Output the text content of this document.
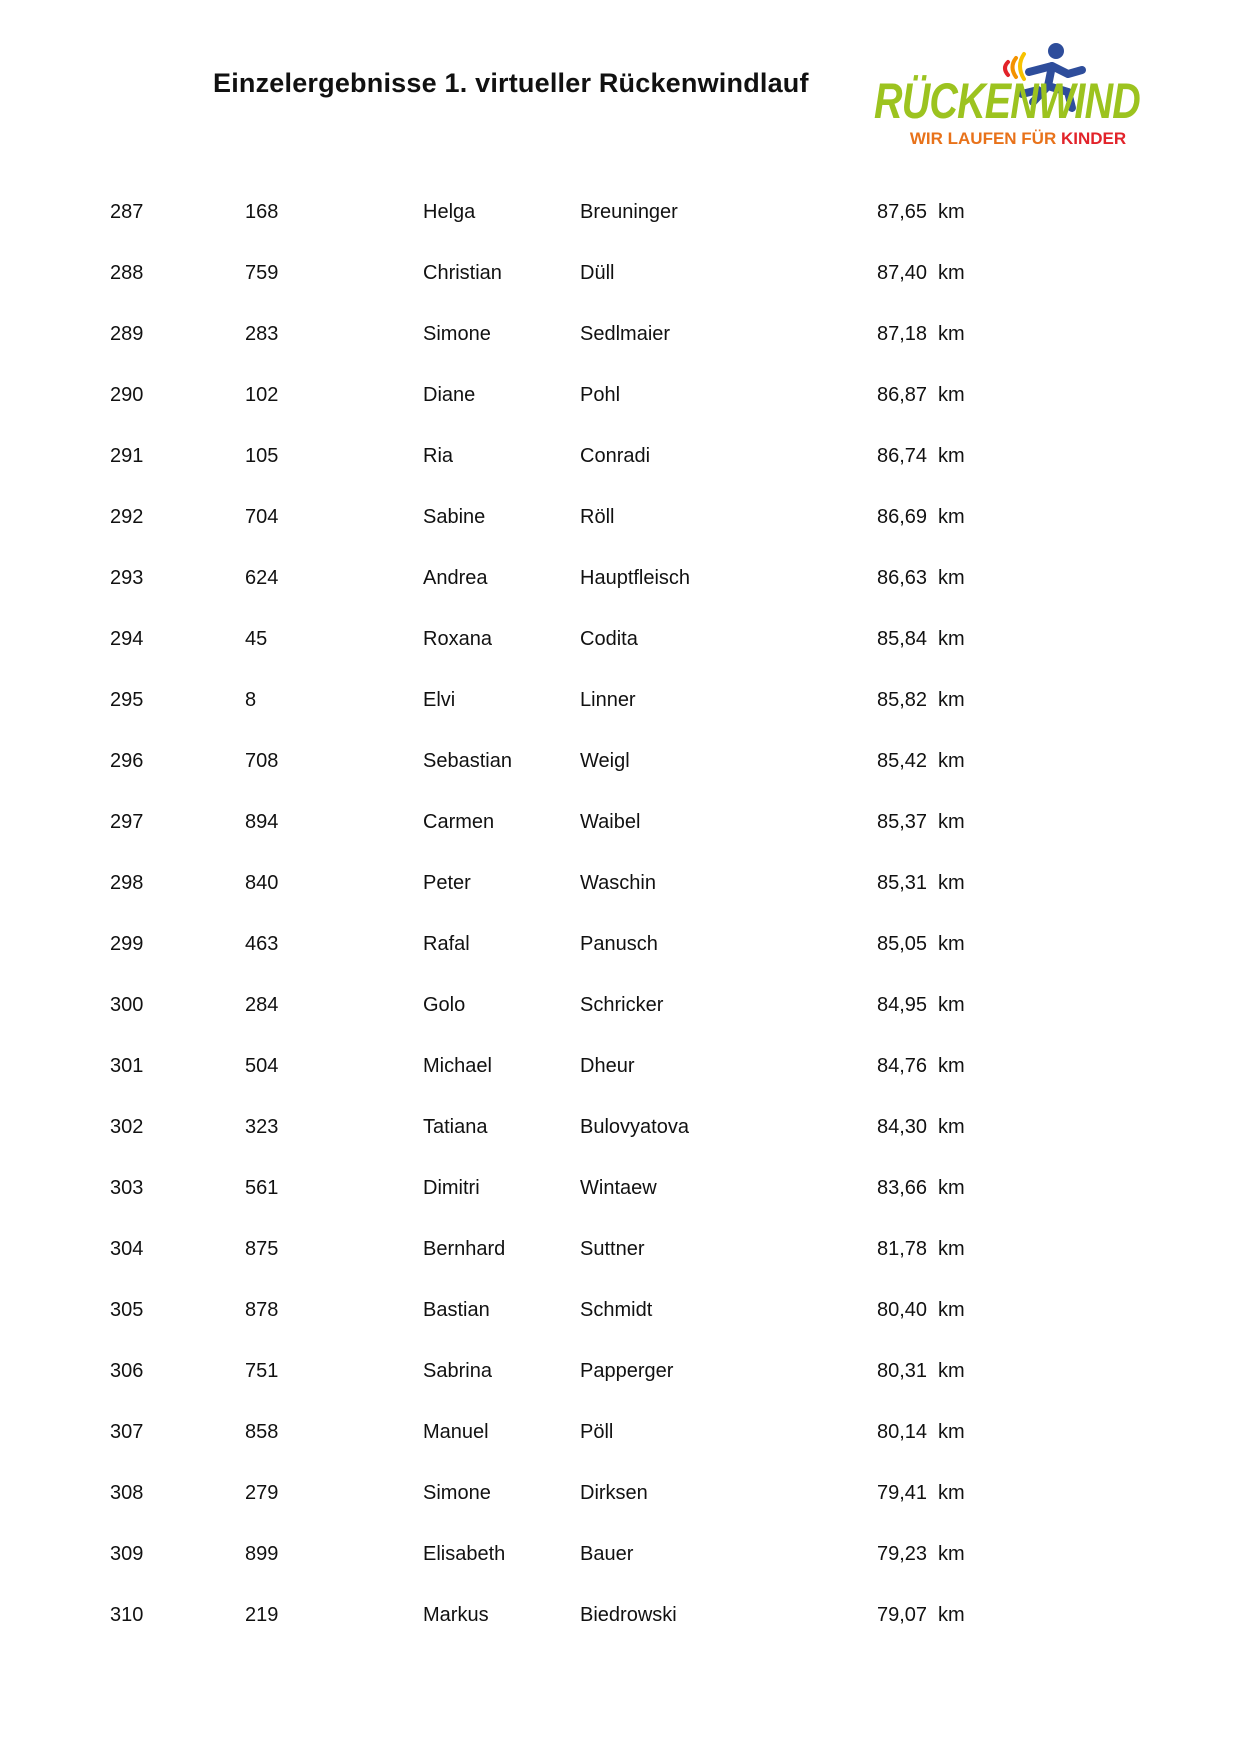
Einzelergebnisse 1. virtueller Rückenwindlauf RÜCKENWIND
WIR LAUFEN FÜR KINDER
287	168	Helga	Breuninger	87,65 km
288	759	Christian	Düll	87,40 km
289	283	Simone	Sedlmaier	87,18 km
290	102	Diane	Pohl	86,87 km
291	105	Ria	Conradi	86,74 km
292	704	Sabine	Röll	86,69 km
293	624	Andrea	Hauptfleisch	86,63 km
294	45	Roxana	Codita	85,84 km
295	8	Elvi	Linner	85,82 km
296	708	Sebastian	Weigl	85,42 km
297	894	Carmen	Waibel	85,37 km
298	840	Peter	Waschin	85,31 km
299	463	Rafal	Panusch	85,05 km
300	284	Golo	Schricker	84,95 km
301	504	Michael	Dheur	84,76 km
302	323	Tatiana	Bulovyatova	84,30 km
303	561	Dimitri	Wintaew	83,66 km
304	875	Bernhard	Suttner	81,78 km
305	878	Bastian	Schmidt	80,40 km
306	751	Sabrina	Papperger	80,31 km
307	858	Manuel	Pöll	80,14 km
308	279	Simone	Dirksen	79,41 km
309	899	Elisabeth	Bauer	79,23 km
310	219	Markus	Biedrowski	79,07 km
